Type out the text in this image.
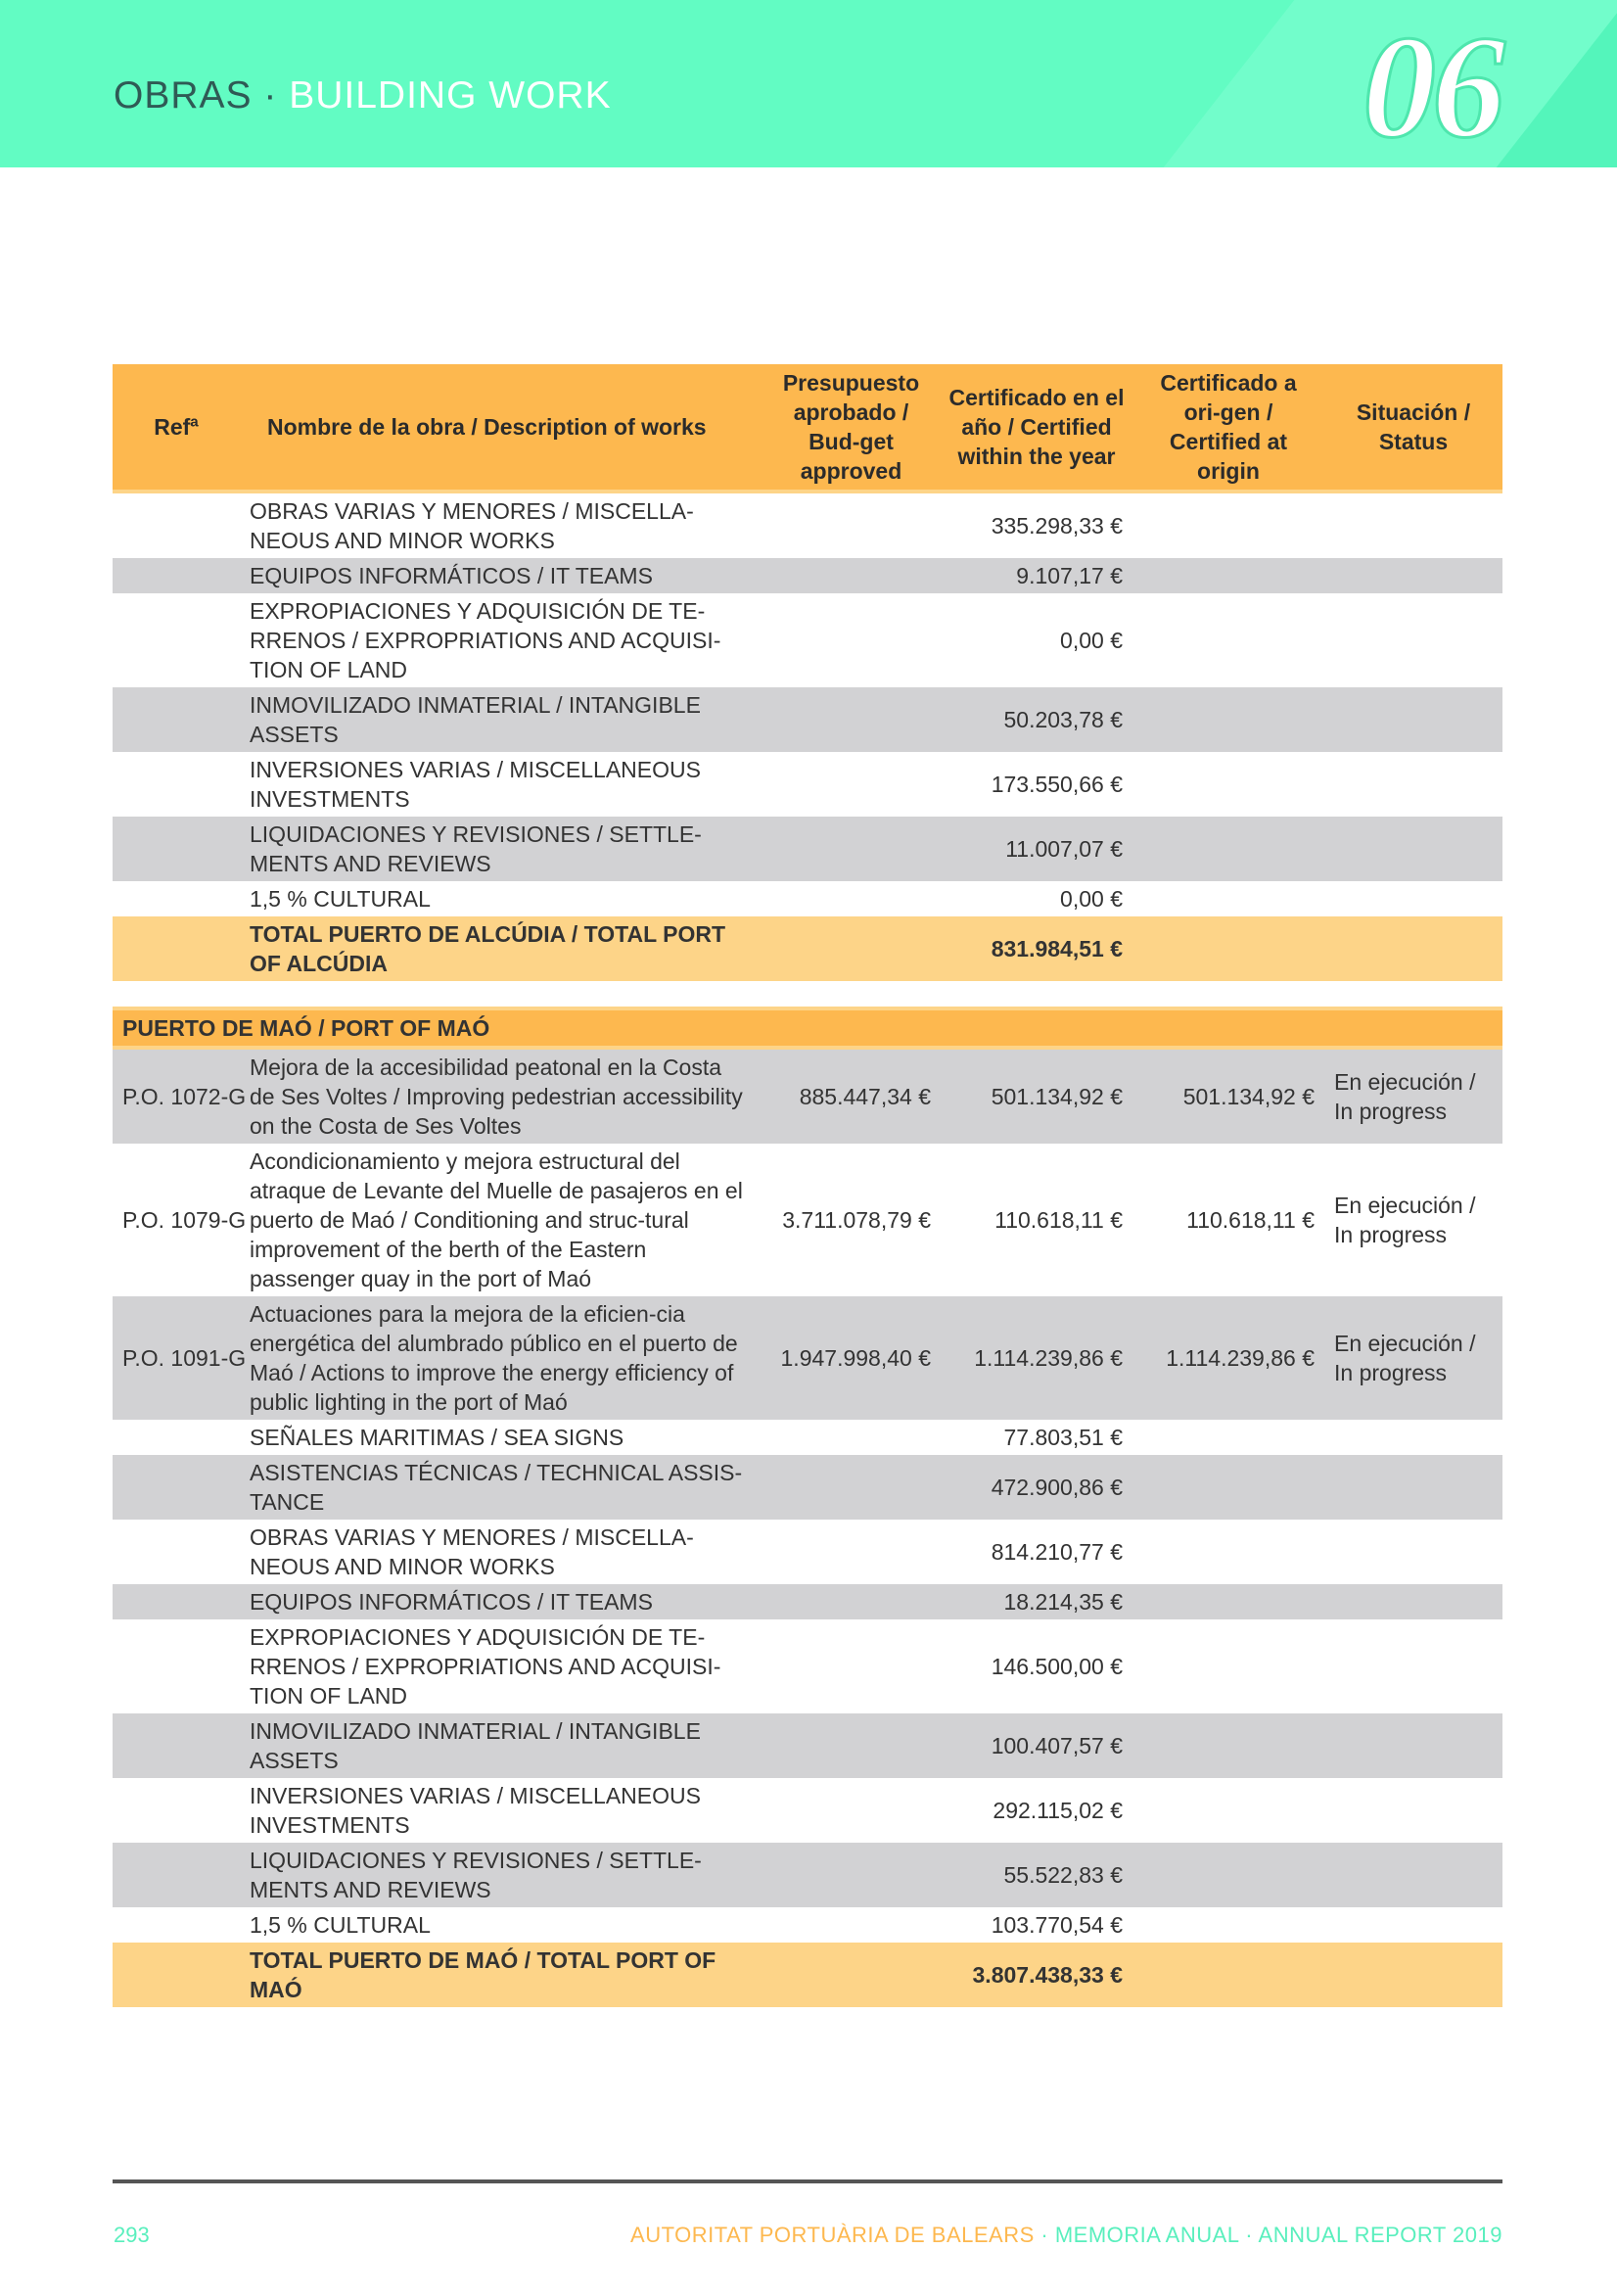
OBRAS · BUILDING WORK	06
Refª	Nombre de la obra / Description of works	Presupuesto aprobado / Bud-get approved	Certificado en el año / Certified within the year	Certificado a ori-gen / Certified at origin	Situación / Status
	OBRAS VARIAS Y MENORES / MISCELLA-NEOUS AND MINOR WORKS		335.298,33 €		
	EQUIPOS INFORMÁTICOS / IT TEAMS		9.107,17 €		
	EXPROPIACIONES Y ADQUISICIÓN DE TE-RRENOS / EXPROPRIATIONS AND ACQUISI-TION OF LAND		0,00 €		
	INMOVILIZADO INMATERIAL / INTANGIBLE ASSETS		50.203,78 €		
	INVERSIONES VARIAS / MISCELLANEOUS INVESTMENTS		173.550,66 €		
	LIQUIDACIONES Y REVISIONES / SETTLE-MENTS AND REVIEWS		11.007,07 €		
	1,5 % CULTURAL		0,00 €		
	TOTAL PUERTO DE ALCÚDIA / TOTAL PORT OF ALCÚDIA		831.984,51 €		

PUERTO DE MAÓ / PORT OF MAÓ					
P.O. 1072-G	Mejora de la accesibilidad peatonal en la Costa de Ses Voltes / Improving pedestrian accessibility on the Costa de Ses Voltes	885.447,34 €	501.134,92 €	501.134,92 €	En ejecución / In progress
P.O. 1079-G	Acondicionamiento y mejora estructural del atraque de Levante del Muelle de pasajeros en el puerto de Maó / Conditioning and struc-tural improvement of the berth of the Eastern passenger quay in the port of Maó	3.711.078,79 €	110.618,11 €	110.618,11 €	En ejecución / In progress
P.O. 1091-G	Actuaciones para la mejora de la eficien-cia energética del alumbrado público en el puerto de Maó / Actions to improve the energy efficiency of public lighting in the port of Maó	1.947.998,40 €	1.114.239,86 €	1.114.239,86 €	En ejecución / In progress
	SEÑALES MARITIMAS / SEA SIGNS		77.803,51 €		
	ASISTENCIAS TÉCNICAS / TECHNICAL ASSIS-TANCE		472.900,86 €		
	OBRAS VARIAS Y MENORES / MISCELLA-NEOUS AND MINOR WORKS		814.210,77 €		
	EQUIPOS INFORMÁTICOS / IT TEAMS		18.214,35 €		
	EXPROPIACIONES Y ADQUISICIÓN DE TE-RRENOS / EXPROPRIATIONS AND ACQUISI-TION OF LAND		146.500,00 €		
	INMOVILIZADO INMATERIAL / INTANGIBLE ASSETS		100.407,57 €		
	INVERSIONES VARIAS / MISCELLANEOUS INVESTMENTS		292.115,02 €		
	LIQUIDACIONES Y REVISIONES / SETTLE-MENTS AND REVIEWS		55.522,83 €		
	1,5 % CULTURAL		103.770,54 €		
	TOTAL PUERTO DE MAÓ / TOTAL PORT OF MAÓ		3.807.438,33 €		
293	AUTORITAT PORTUÀRIA DE BALEARS · MEMORIA ANUAL · ANNUAL REPORT 2019
